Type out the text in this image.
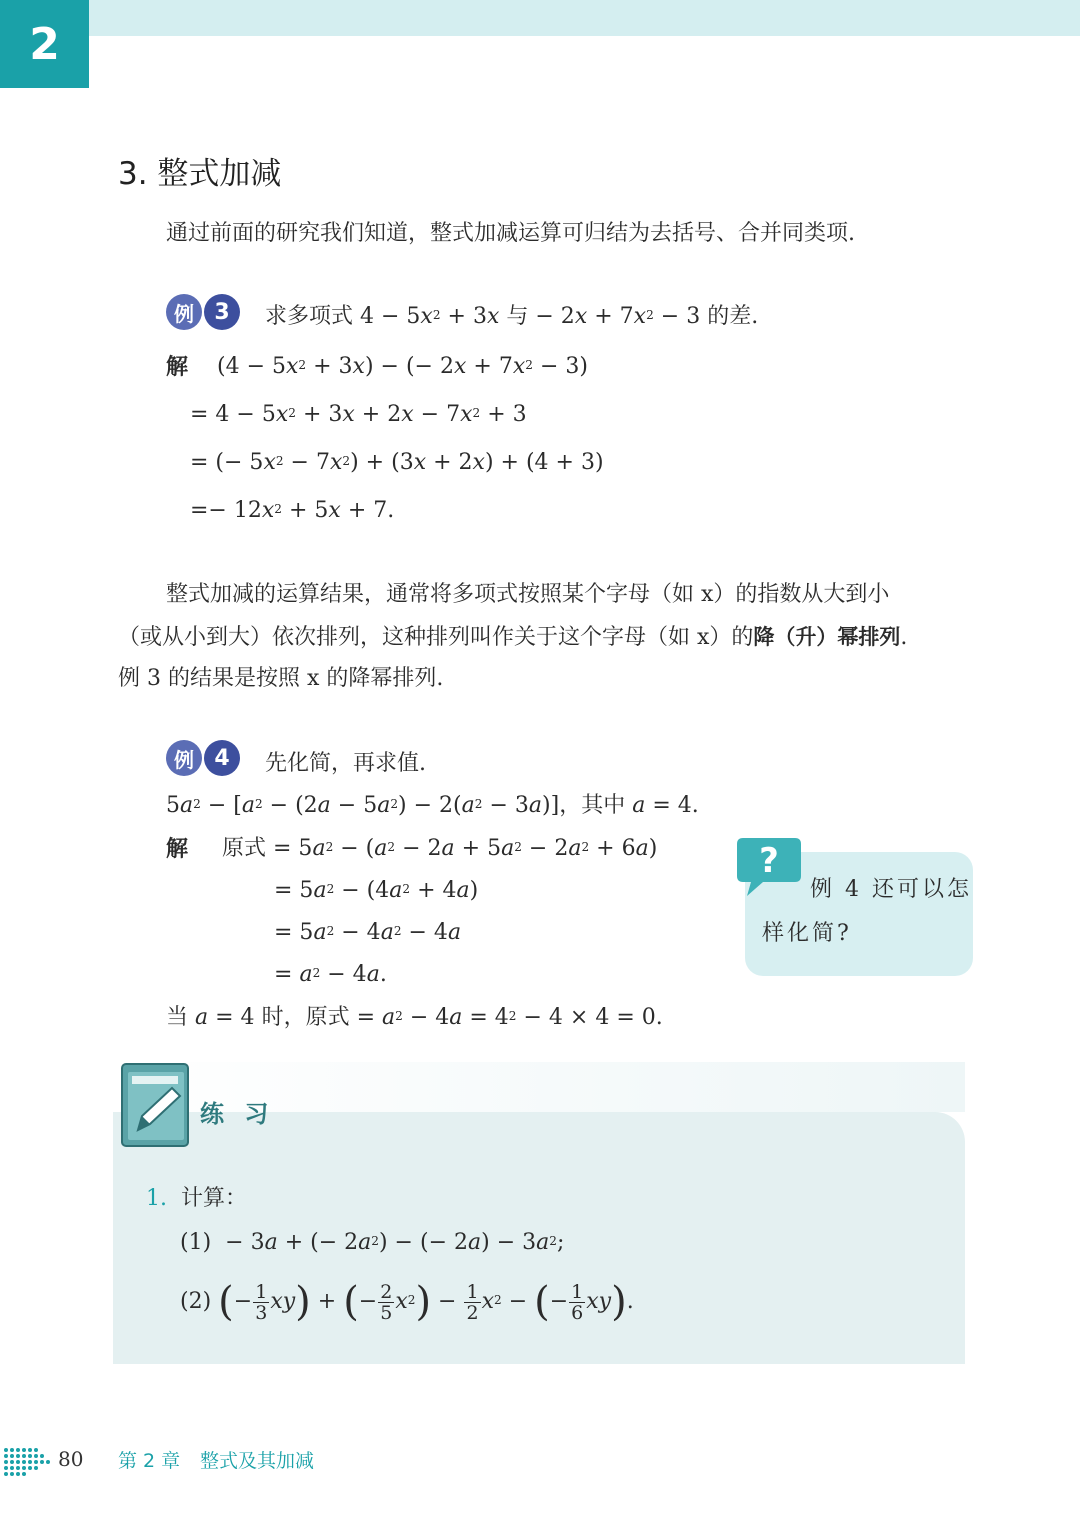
2
3. 整式加减
通过前面的研究我们知道，整式加减运算可归结为去括号、合并同类项.
例 3	求多项式 $4 - 5x^2 + 3x$ 与 − $2x + 7x^2 - 3$ 的差.
解 $(4 - 5x^2 + 3x)$ − (− $2x + 7x^2 - 3$)
= $4 - 5x^2 + 3x + 2x - 7x^2 + 3$
= (− $5x^2 - 7x^2) + (3x + 2x) + (4 + 3)$
=− $12x^2 + 5x + 7$.
整式加减的运算结果，通常将多项式按照某个字母（如 x）的指数从大到小
（或从小到大）依次排列，这种排列叫作关于这个字母（如 x）的降（升）幂排列.
例 3 的结果是按照 x 的降幂排列.
例 4	先化简，再求值.
$5a^2 - [a^2 - (2a - 5a^2) - 2(a^2 - 3a)]$，其中 a = 4.
解 原式 = $5a^2 - (a^2 - 2a + 5a^2 - 2a^2 + 6a)$
= $5a^2 - (4a^2 + 4a)$
= $5a^2 - 4a^2 - 4a$
= $a^2 - 4a$.
当 a = 4 时，原式 = $a^2 - 4a = 4^2 - 4 \times 4 = 0$.
?
例 4 还可以怎
样化简?
练 习
1. 计算：
(1)  − 3a + (− $2a^2$) − (− $2a) - 3a^2$;
(2)
( − $\frac{1}{3}$ xy ) + ( − $\frac{2}{5} x^2$ ) − $\frac{1}{2} x^2$ − ( − $\frac{1}{6}$ xy ) .
80 第 2 章 整式及其加减
